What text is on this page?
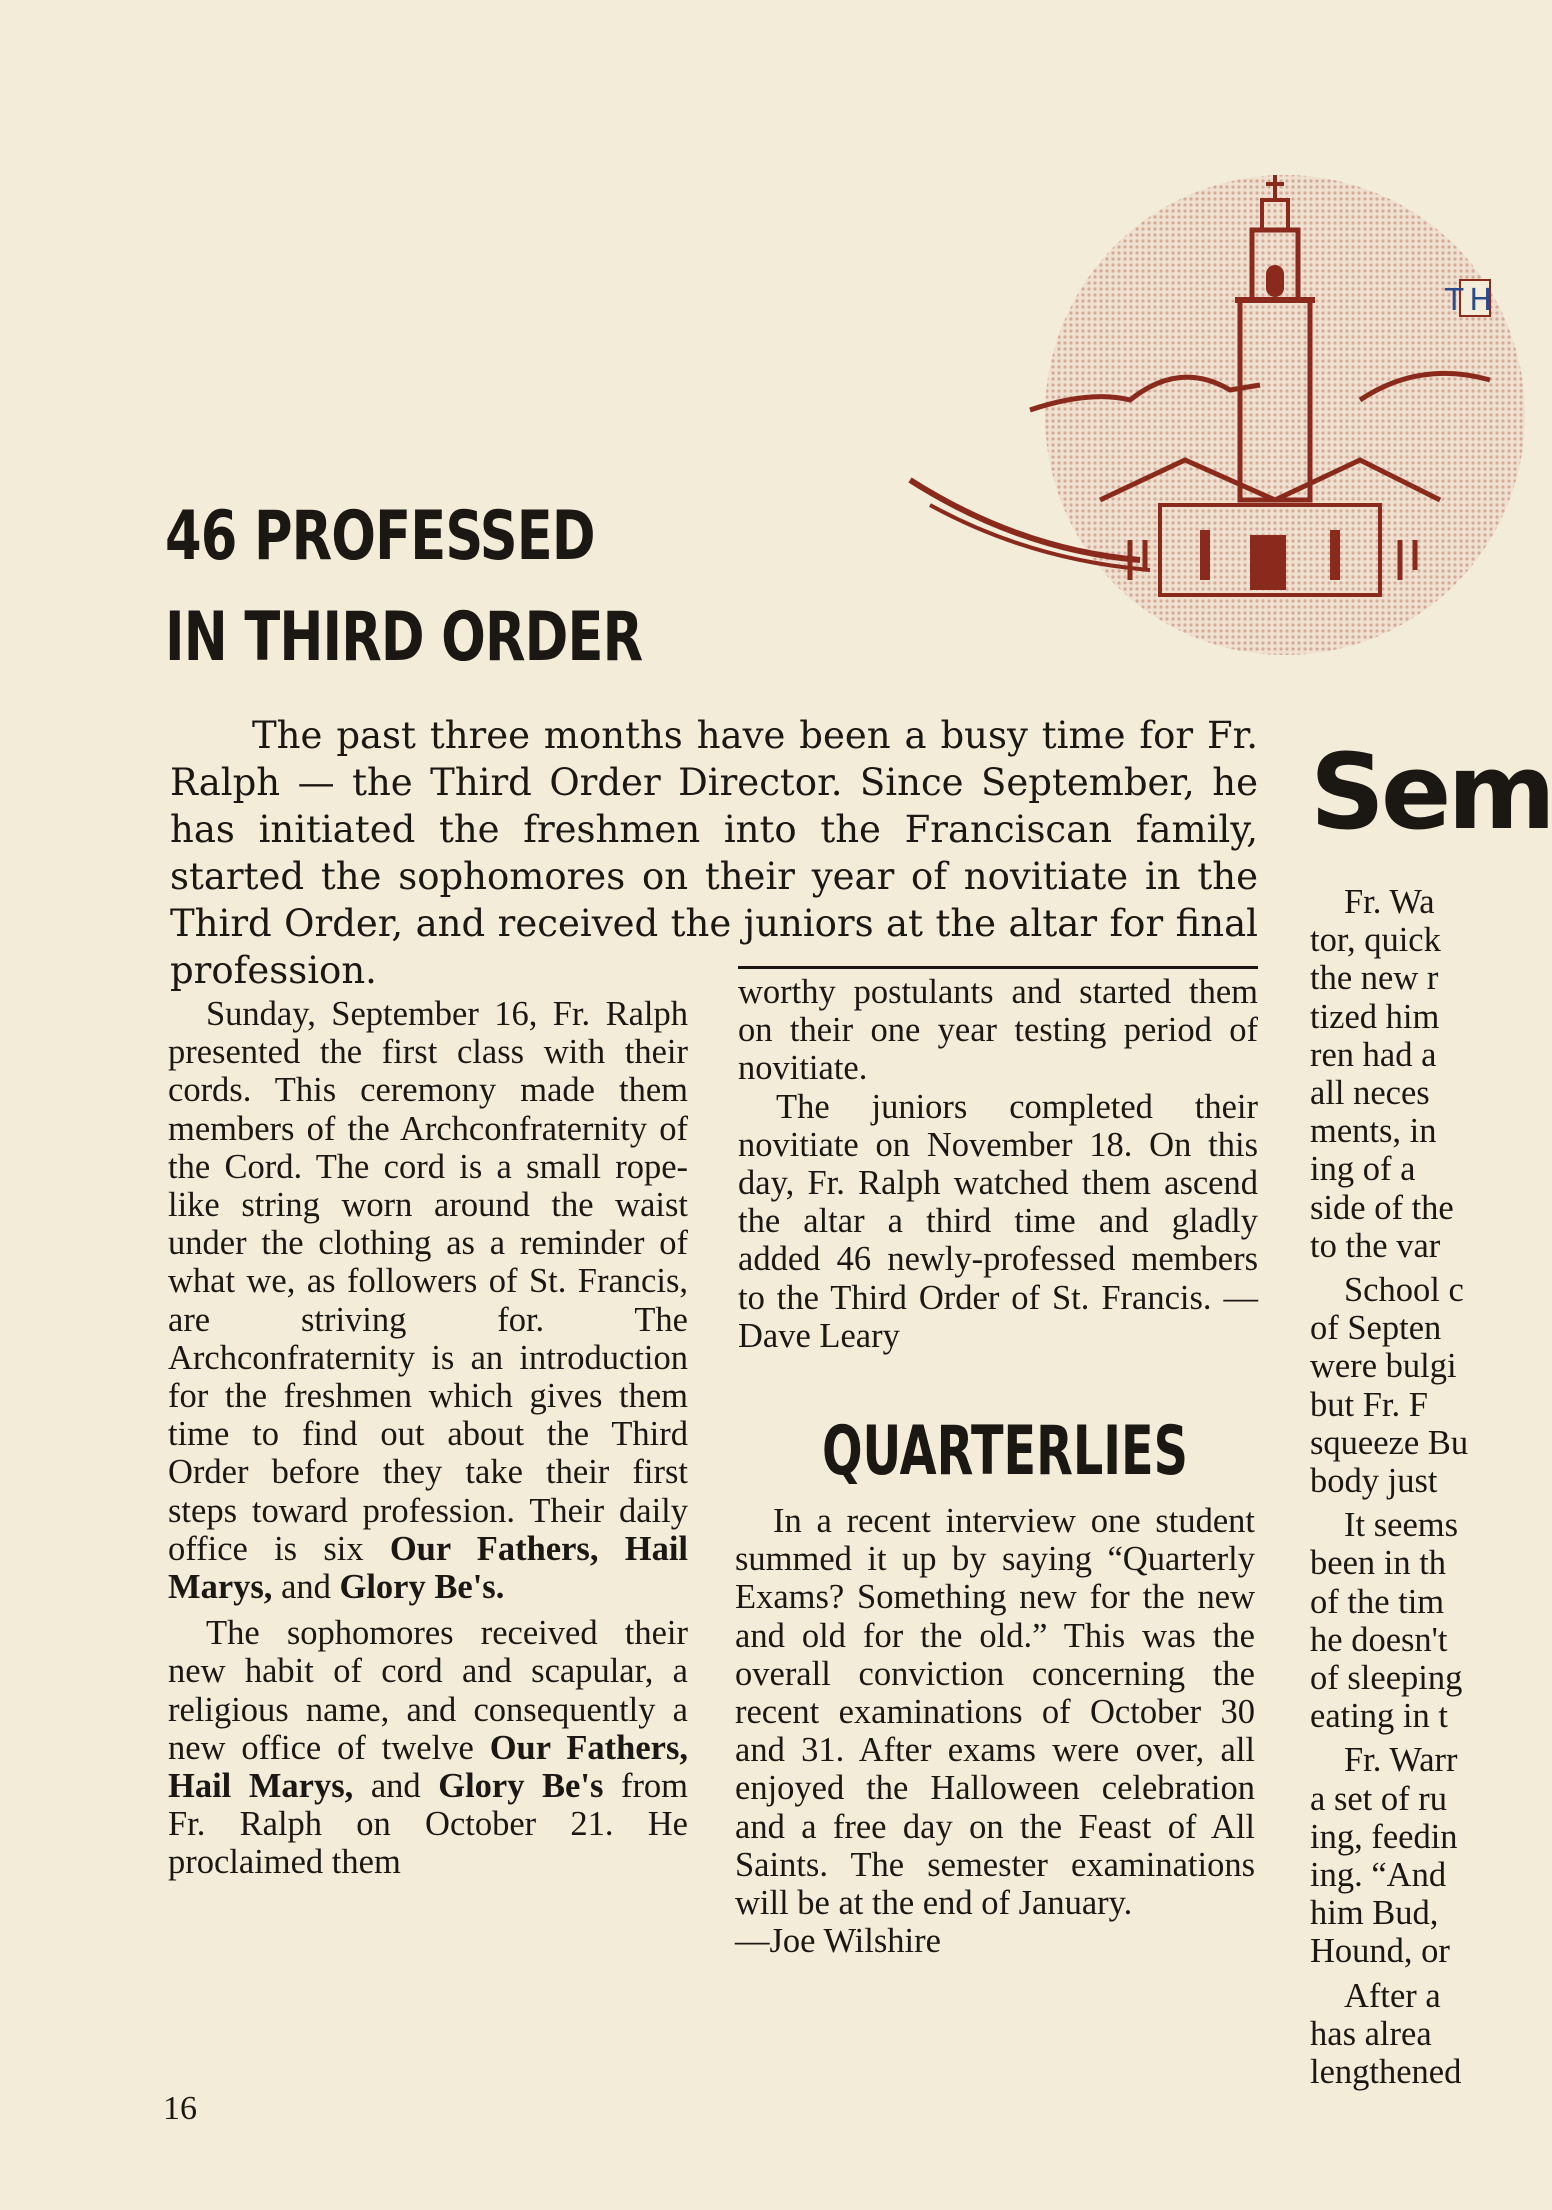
TH
46 PROFESSED
IN THIRD ORDER

The past three months have been a busy time for Fr. Ralph — the Third Order Director. Since September, he has initiated the freshmen into the Franciscan family, started the sophomores on their year of novitiate in the Third Order, and received the juniors at the altar for final profession.

Sunday, September 16, Fr. Ralph presented the first class with their cords. This ceremony made them members of the Archconfraternity of the Cord. The cord is a small rope-like string worn around the waist under the clothing as a reminder of what we, as followers of St. Francis, are striving for. The Archconfraternity is an introduction for the freshmen which gives them time to find out about the Third Order before they take their first steps toward profession. Their daily office is six Our Fathers, Hail Marys, and Glory Be's.

The sophomores received their new habit of cord and scapular, a religious name, and consequently a new office of twelve Our Fathers, Hail Marys, and Glory Be's from Fr. Ralph on October 21. He proclaimed them

worthy postulants and started them on their one year testing period of novitiate.

The juniors completed their novitiate on November 18. On this day, Fr. Ralph watched them ascend the altar a third time and gladly added 46 newly-professed members to the Third Order of St. Francis. —Dave Leary

QUARTERLIES

In a recent interview one student summed it up by saying “Quarterly Exams? Something new for the new and old for the old.” This was the overall conviction concerning the recent examinations of October 30 and 31. After exams were over, all enjoyed the Halloween celebration and a free day on the Feast of All Saints. The semester examinations will be at the end of January.

—Joe Wilshire

Sem

Fr. Wa

tor, quick

the new r

tized him

ren had a

all neces

ments, in

ing of a

side of the

to the var

School c

of Septen

were bulgi

but Fr. F

squeeze Bu

body just

It seems

been in th

of the tim

he doesn't

of sleeping

eating in t

Fr. Warr

a set of ru

ing, feedin

ing. “And

him Bud,

Hound, or

After a

has alrea

lengthened

16
